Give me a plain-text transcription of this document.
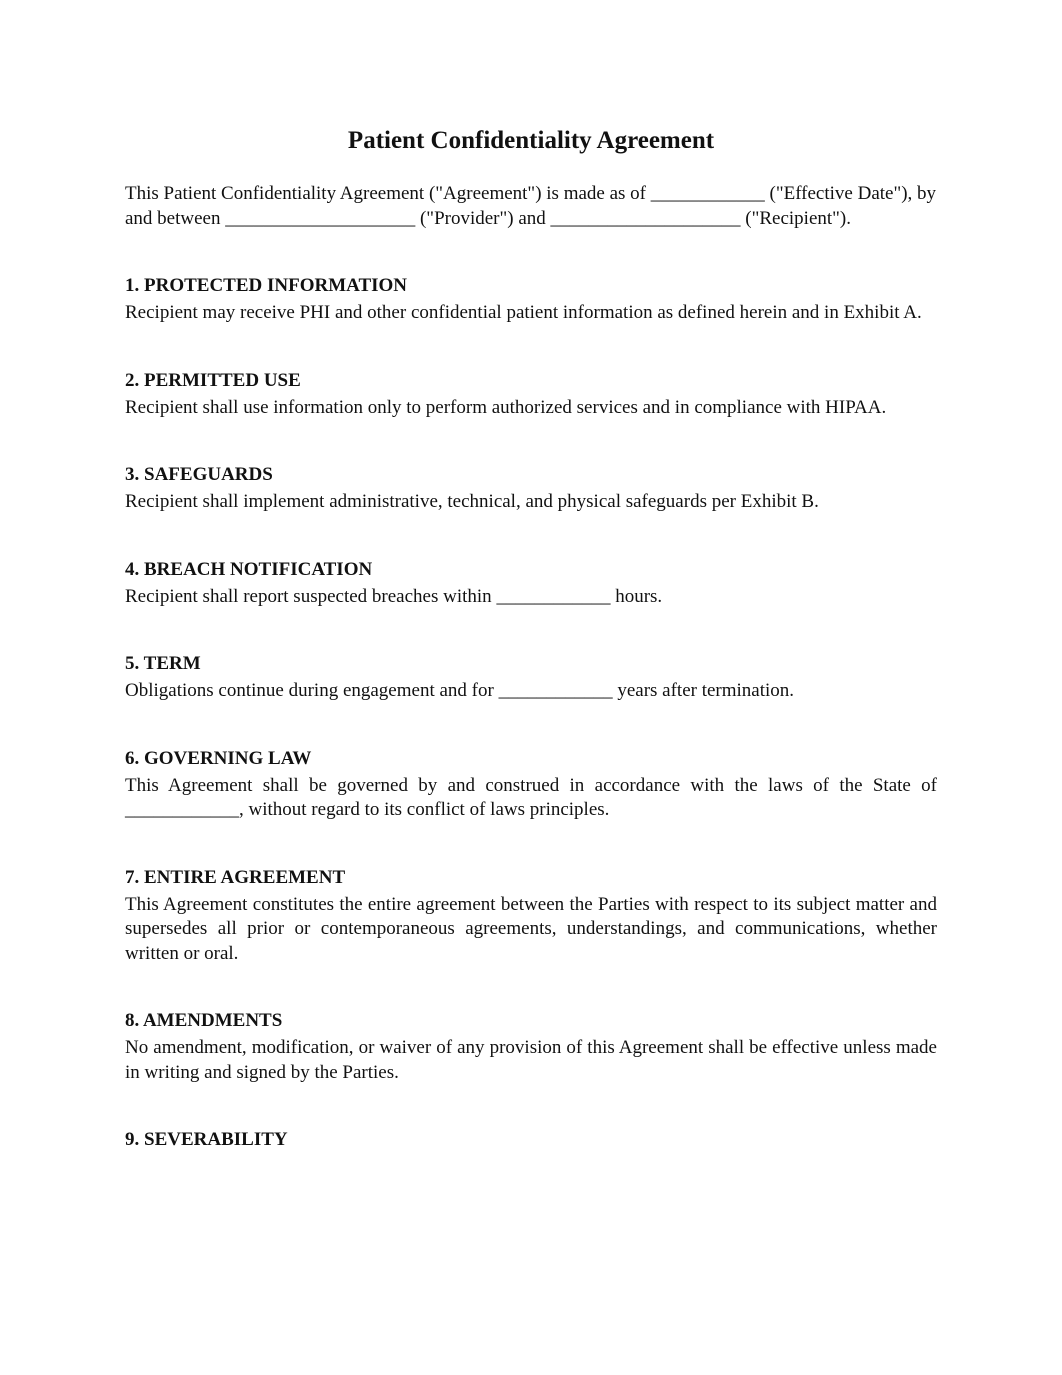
Patient Confidentiality Agreement

This Patient Confidentiality Agreement ("Agreement") is made as of ____________ ("Effective Date"), by and between ____________________ ("Provider") and ____________________ ("Recipient").

1. PROTECTED INFORMATION

Recipient may receive PHI and other confidential patient information as defined herein and in Exhibit A.

2. PERMITTED USE

Recipient shall use information only to perform authorized services and in compliance with HIPAA.

3. SAFEGUARDS

Recipient shall implement administrative, technical, and physical safeguards per Exhibit B.

4. BREACH NOTIFICATION

Recipient shall report suspected breaches within ____________ hours.

5. TERM

Obligations continue during engagement and for ____________ years after termination.

6. GOVERNING LAW

This Agreement shall be governed by and construed in accordance with the laws of the State of ____________, without regard to its conflict of laws principles.

7. ENTIRE AGREEMENT

This Agreement constitutes the entire agreement between the Parties with respect to its subject matter and supersedes all prior or contemporaneous agreements, understandings, and communications, whether written or oral.

8. AMENDMENTS

No amendment, modification, or waiver of any provision of this Agreement shall be effective unless made in writing and signed by the Parties.

9. SEVERABILITY
